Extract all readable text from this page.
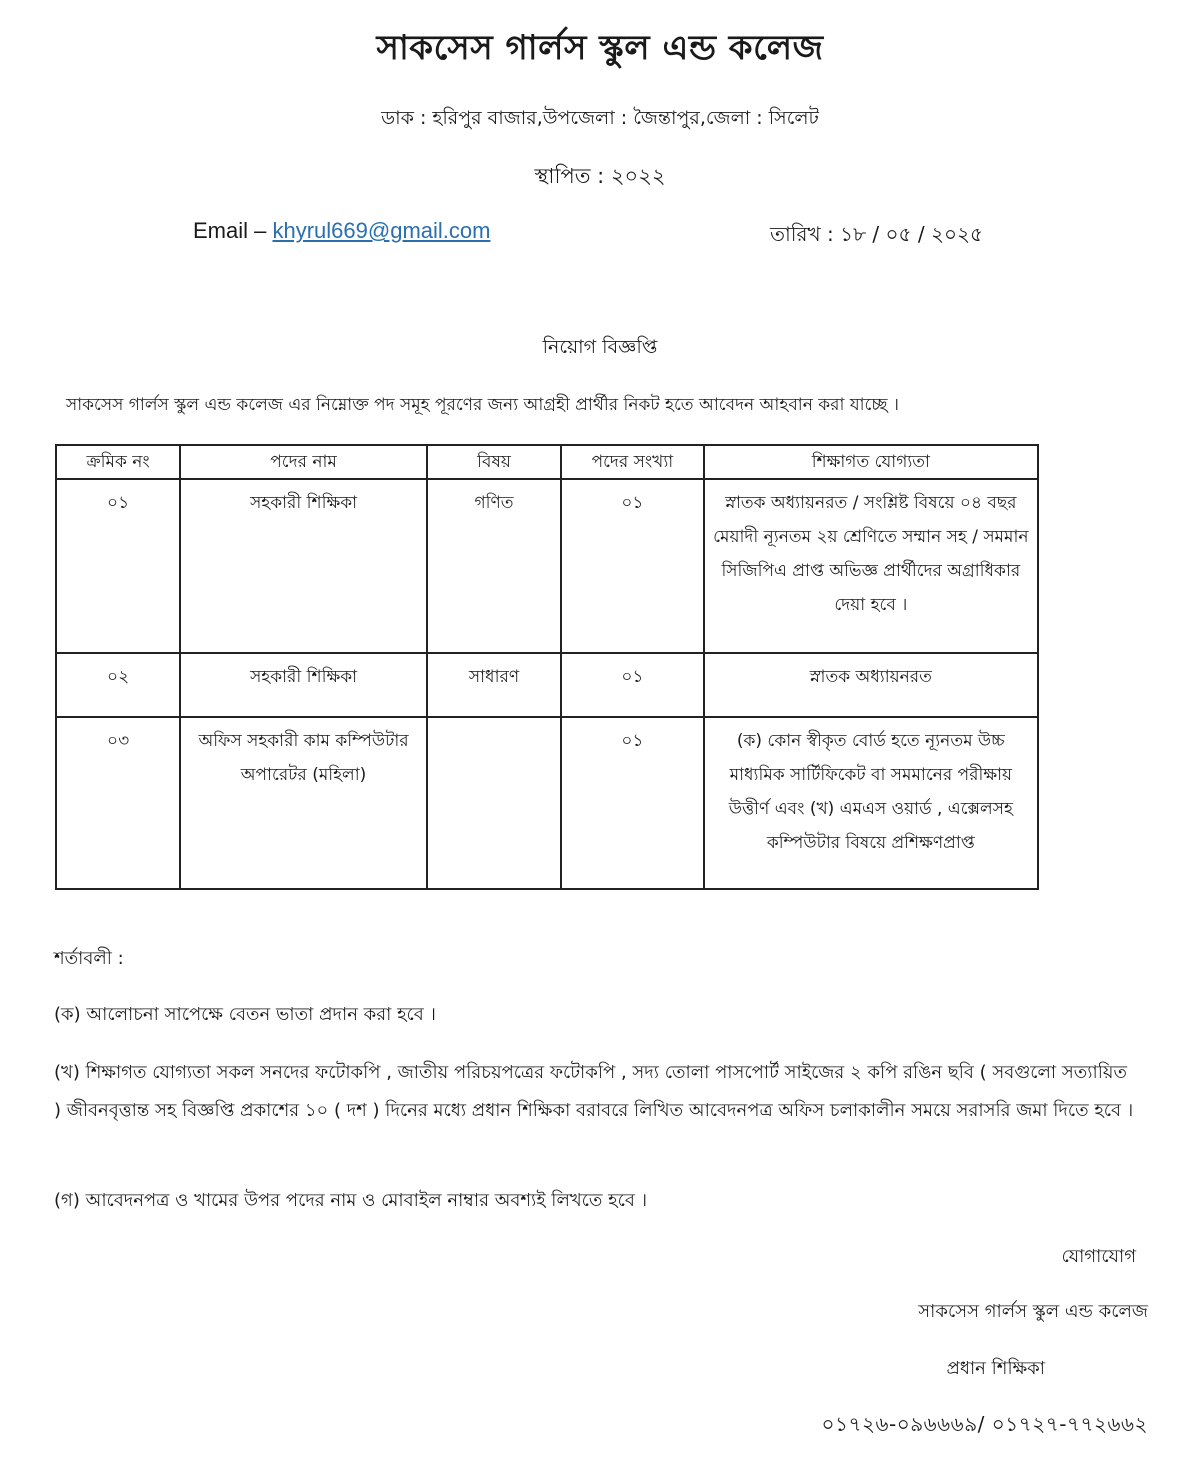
সাকসেস গার্লস স্কুল এন্ড কলেজ
ডাক : হরিপুর বাজার,উপজেলা : জৈন্তাপুর,জেলা : সিলেট
স্থাপিত : ২০২২
Email – khyrul669@gmail.com	তারিখ : ১৮ / ০৫ / ২০২৫
নিয়োগ বিজ্ঞপ্তি
সাকসেস গার্লস স্কুল এন্ড কলেজ এর নিম্নোক্ত পদ সমূহ পূরণের জন্য আগ্রহী প্রার্থীর নিকট হতে আবেদন আহবান করা যাচ্ছে ।
ক্রমিক নং	পদের নাম	বিষয়	পদের সংখ্যা	শিক্ষাগত যোগ্যতা
০১	সহকারী শিক্ষিকা	গণিত	০১	স্নাতক অধ্যায়নরত / সংশ্লিষ্ট বিষয়ে ০৪ বছর মেয়াদী ন্যূনতম ২য় শ্রেণিতে সম্মান সহ / সমমান সিজিপিএ প্রাপ্ত অভিজ্ঞ প্রার্থীদের অগ্রাধিকার দেয়া হবে ।
০২	সহকারী শিক্ষিকা	সাধারণ	০১	স্নাতক অধ্যায়নরত
০৩	অফিস সহকারী কাম কম্পিউটার অপারেটর (মহিলা)		০১	(ক) কোন স্বীকৃত বোর্ড হতে ন্যূনতম উচ্চ মাধ্যমিক সার্টিফিকেট বা সমমানের পরীক্ষায় উত্তীর্ণ এবং (খ) এমএস ওয়ার্ড , এক্সেলসহ কম্পিউটার বিষয়ে প্রশিক্ষণপ্রাপ্ত
শর্তাবলী :
(ক) আলোচনা সাপেক্ষে বেতন ভাতা প্রদান করা হবে ।
(খ) শিক্ষাগত যোগ্যতা সকল সনদের ফটোকপি , জাতীয় পরিচয়পত্রের ফটোকপি , সদ্য তোলা পাসপোর্ট সাইজের ২ কপি রঙিন ছবি ( সবগুলো সত্যায়িত ) জীবনবৃত্তান্ত সহ বিজ্ঞপ্তি প্রকাশের ১০ ( দশ ) দিনের মধ্যে প্রধান শিক্ষিকা বরাবরে লিখিত আবেদনপত্র অফিস চলাকালীন সময়ে সরাসরি জমা দিতে হবে ।
(গ) আবেদনপত্র ও খামের উপর পদের নাম ও মোবাইল নাম্বার অবশ্যই লিখতে হবে ।
যোগাযোগ
সাকসেস গার্লস স্কুল এন্ড কলেজ
প্রধান শিক্ষিকা
০১৭২৬-০৯৬৬৬৯/ ০১৭২৭-৭৭২৬৬২
